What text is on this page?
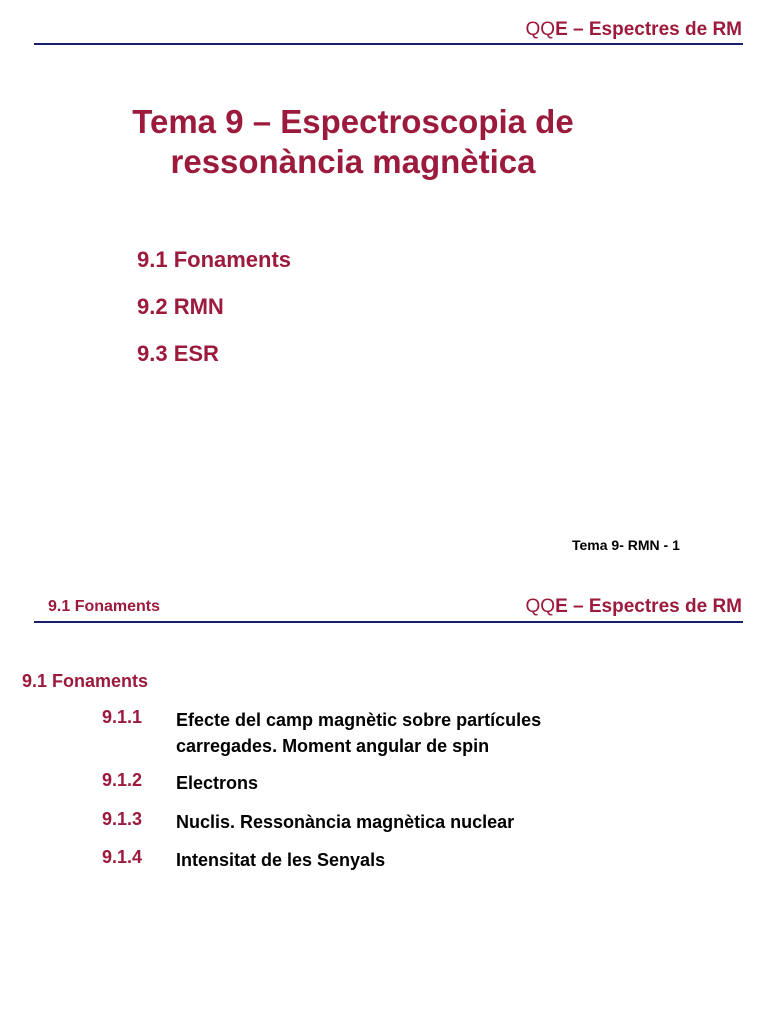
QQE – Espectres de RM
Tema 9 – Espectroscopia de
ressonància magnètica
9.1 Fonaments
9.2 RMN
9.3 ESR
Tema 9- RMN - 1
9.1 Fonaments	QQE – Espectres de RM
9.1 Fonaments
9.1.1 Efecte del camp magnètic sobre partícules
carregades. Moment angular de spin
9.1.2 Electrons
9.1.3 Nuclis. Ressonància magnètica nuclear
9.1.4 Intensitat de les Senyals
